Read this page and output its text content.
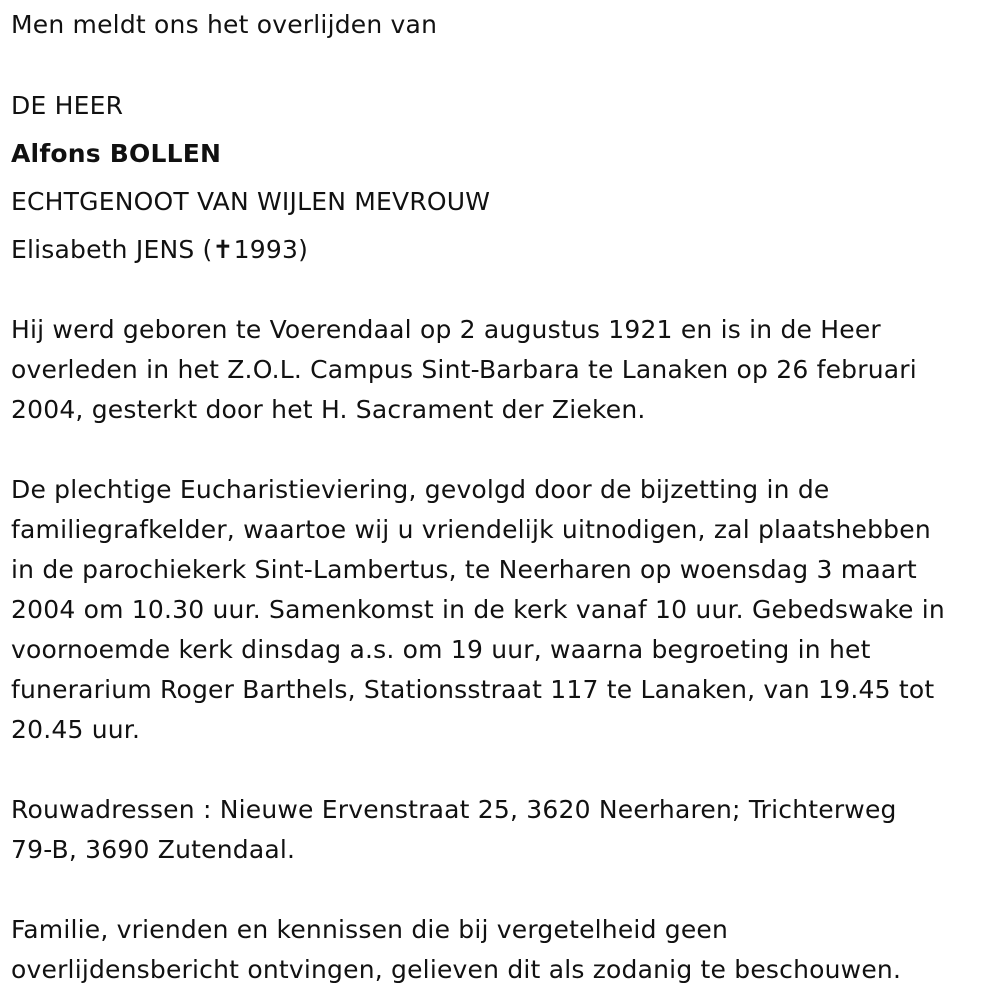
Men meldt ons het overlijden van
DE HEER
Alfons BOLLEN
ECHTGENOOT VAN WIJLEN MEVROUW
Elisabeth JENS (✝1993)
Hij werd geboren te Voerendaal op 2 augustus 1921 en is in de Heer
overleden in het Z.O.L. Campus Sint-Barbara te Lanaken op 26 februari
2004, gesterkt door het H. Sacrament der Zieken.
De plechtige Eucharistieviering, gevolgd door de bijzetting in de
familiegrafkelder, waartoe wij u vriendelijk uitnodigen, zal plaatshebben
in de parochiekerk Sint-Lambertus, te Neerharen op woensdag 3 maart
2004 om 10.30 uur. Samenkomst in de kerk vanaf 10 uur. Gebedswake in
voornoemde kerk dinsdag a.s. om 19 uur, waarna begroeting in het
funerarium Roger Barthels, Stationsstraat 117 te Lanaken, van 19.45 tot
20.45 uur.
Rouwadressen : Nieuwe Ervenstraat 25, 3620 Neerharen; Trichterweg
79-B, 3690 Zutendaal.
Familie, vrienden en kennissen die bij vergetelheid geen
overlijdensbericht ontvingen, gelieven dit als zodanig te beschouwen.
